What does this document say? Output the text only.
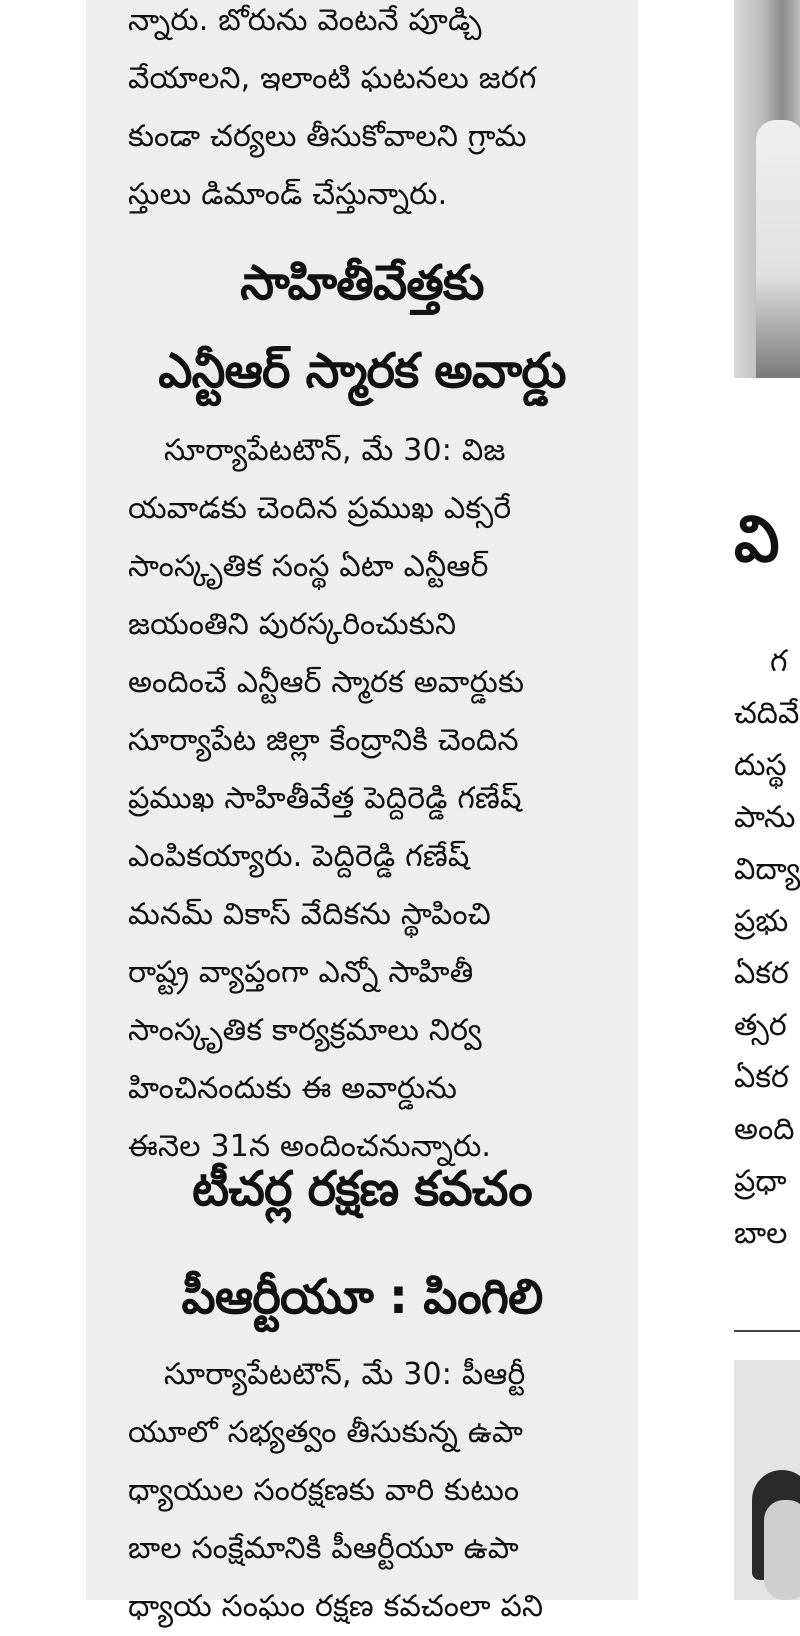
న్నారు. బోరును వెంటనే పూడ్చి

వేయాలని, ఇలాంటి ఘటనలు జరగ

కుండా చర్యలు తీసుకోవాలని గ్రామ

స్తులు డిమాండ్ చేస్తున్నారు.

సాహితీవేత్తకు
ఎన్టీఆర్ స్మారక అవార్డు

సూర్యాపేటటౌన్, మే 30: విజ

యవాడకు చెందిన ప్రముఖ ఎక్సరే

సాంస్కృతిక సంస్థ ఏటా ఎన్టీఆర్

జయంతిని పురస్కరించుకుని

అందించే ఎన్టీఆర్ స్మారక అవార్డుకు

సూర్యాపేట జిల్లా కేంద్రానికి చెందిన

ప్రముఖ సాహితీవేత్త పెద్దిరెడ్డి గణేష్

ఎంపికయ్యారు. పెద్దిరెడ్డి గణేష్

మనమ్ వికాస్ వేదికను స్థాపించి

రాష్ట్ర వ్యాప్తంగా ఎన్నో సాహితీ

సాంస్కృతిక కార్యక్రమాలు నిర్వ

హించినందుకు ఈ అవార్డును

ఈనెల 31న అందించనున్నారు.

టీచర్ల రక్షణ కవచం
పీఆర్టీయూ : పింగిలి

సూర్యాపేటటౌన్, మే 30: పీఆర్టీ

యూలో సభ్యత్వం తీసుకున్న ఉపా

ధ్యాయుల సంరక్షణకు వారి కుటుం

బాల సంక్షేమానికి పీఆర్టీయూ ఉపా

ధ్యాయ సంఘం రక్షణ కవచంలా పని

వి
గ
చదివే
దుస్థ
పాను
విద్యా
ప్రభు
ఏకర
త్సర
ఏకర
అంది
ప్రధా
బాల
